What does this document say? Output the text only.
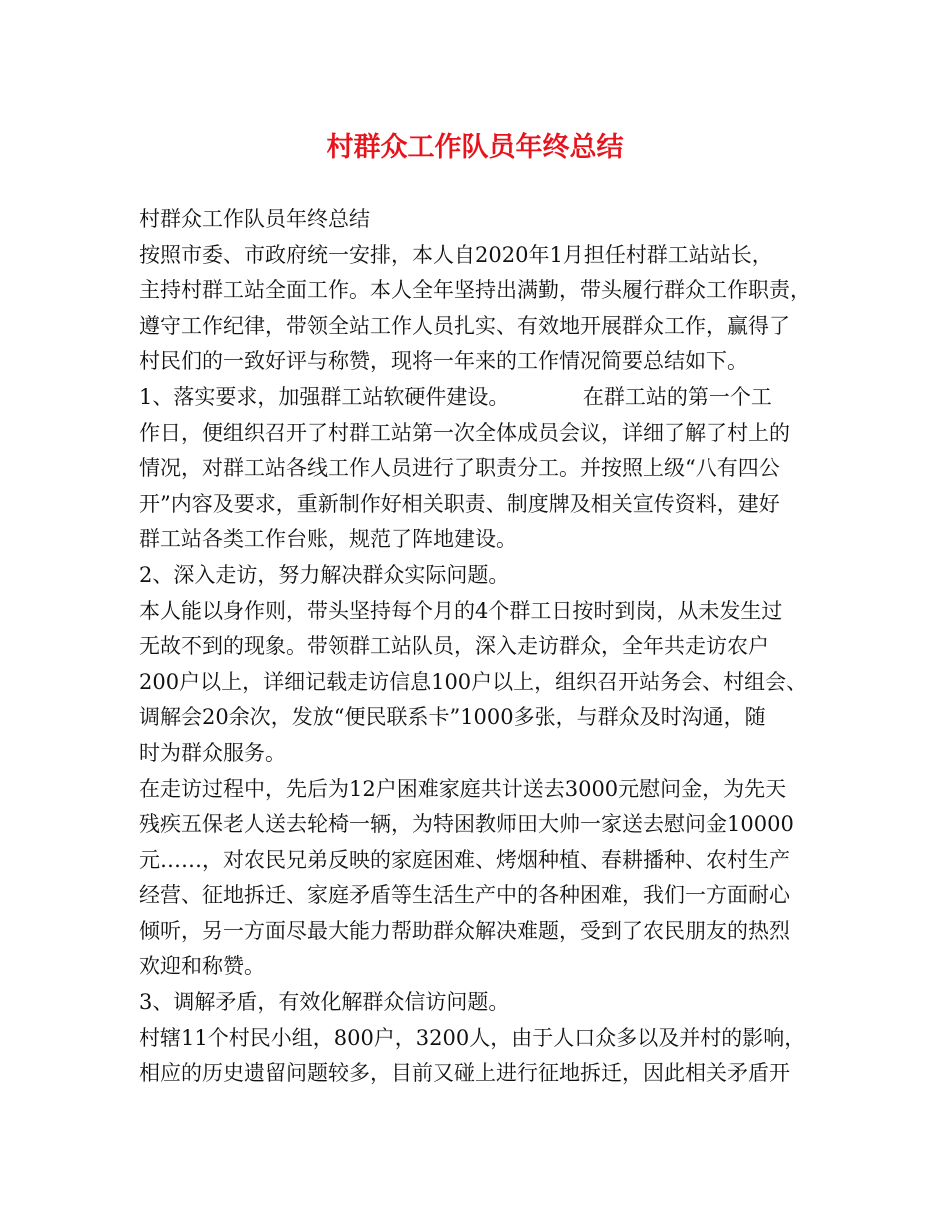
村群众工作队员年终总结
村群众工作队员年终总结
按照市委、市政府统一安排，本人自2020年1月担任村群工站站长，
主持村群工站全面工作。本人全年坚持出满勤，带头履行群众工作职责，
遵守工作纪律，带领全站工作人员扎实、有效地开展群众工作，赢得了
村民们的一致好评与称赞，现将一年来的工作情况简要总结如下。
1、落实要求，加强群工站软硬件建设。　　　　在群工站的第一个工
作日，便组织召开了村群工站第一次全体成员会议，详细了解了村上的
情况，对群工站各线工作人员进行了职责分工。并按照上级“八有四公
开”内容及要求，重新制作好相关职责、制度牌及相关宣传资料，建好
群工站各类工作台账，规范了阵地建设。
2、深入走访，努力解决群众实际问题。
本人能以身作则，带头坚持每个月的4个群工日按时到岗，从未发生过
无故不到的现象。带领群工站队员，深入走访群众，全年共走访农户
200户以上，详细记载走访信息100户以上，组织召开站务会、村组会、
调解会20余次，发放“便民联系卡”1000多张，与群众及时沟通，随
时为群众服务。
在走访过程中，先后为12户困难家庭共计送去3000元慰问金，为先天
残疾五保老人送去轮椅一辆，为特困教师田大帅一家送去慰问金10000
元……，对农民兄弟反映的家庭困难、烤烟种植、春耕播种、农村生产
经营、征地拆迁、家庭矛盾等生活生产中的各种困难，我们一方面耐心
倾听，另一方面尽最大能力帮助群众解决难题，受到了农民朋友的热烈
欢迎和称赞。
3、调解矛盾，有效化解群众信访问题。
村辖11个村民小组，800户，3200人，由于人口众多以及并村的影响，
相应的历史遗留问题较多，目前又碰上进行征地拆迁，因此相关矛盾开
